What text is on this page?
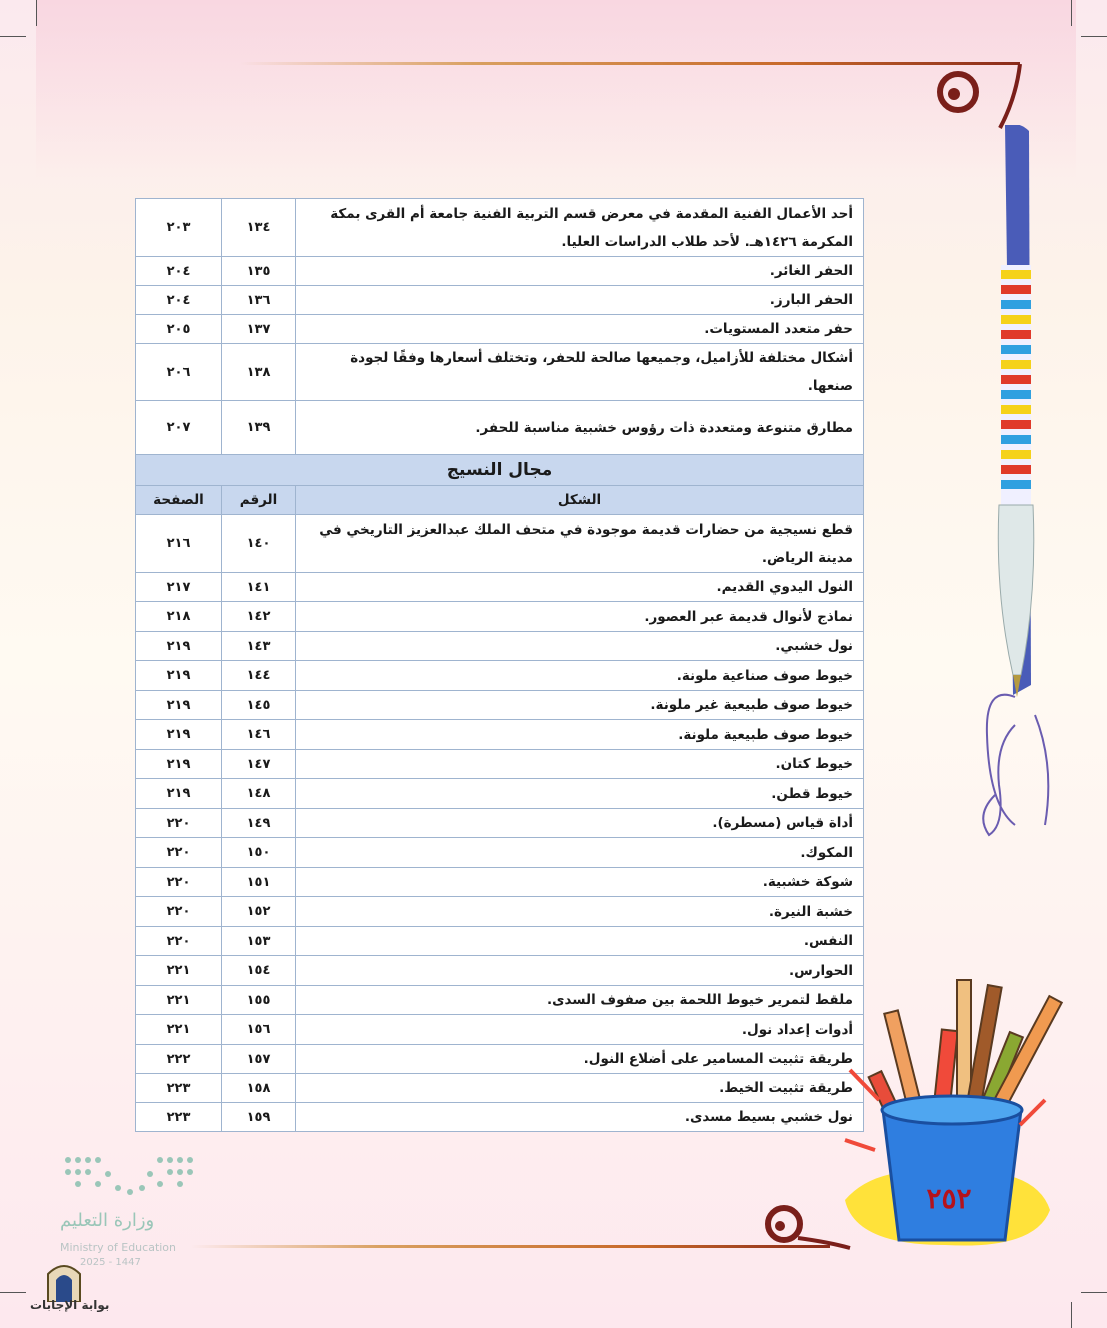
أحد الأعمال الفنية المقدمة في معرض قسم التربية الفنية جامعة أم القرى بمكة المكرمة ١٤٢٦هـ. لأحد طلاب الدراسات العليا.	١٣٤	٢٠٣
الحفر الغائر.	١٣٥	٢٠٤
الحفر البارز.	١٣٦	٢٠٤
حفر متعدد المستويات.	١٣٧	٢٠٥
أشكال مختلفة للأزاميل، وجميعها صالحة للحفر، وتختلف أسعارها وفقًا لجودة صنعها.	١٣٨	٢٠٦
مطارق متنوعة ومتعددة ذات رؤوس خشبية مناسبة للحفر.	١٣٩	٢٠٧
مجال النسيج		
الشكل	الرقم	الصفحة
قطع نسيجية من حضارات قديمة موجودة في متحف الملك عبدالعزيز التاريخي في مدينة الرياض.	١٤٠	٢١٦
النول اليدوي القديم.	١٤١	٢١٧
نماذج لأنوال قديمة عبر العصور.	١٤٢	٢١٨
نول خشبي.	١٤٣	٢١٩
خيوط صوف صناعية ملونة.	١٤٤	٢١٩
خيوط صوف طبيعية غير ملونة.	١٤٥	٢١٩
خيوط صوف طبيعية ملونة.	١٤٦	٢١٩
خيوط كتان.	١٤٧	٢١٩
خيوط قطن.	١٤٨	٢١٩
أداة قياس (مسطرة).	١٤٩	٢٢٠
المكوك.	١٥٠	٢٢٠
شوكة خشبية.	١٥١	٢٢٠
خشبة النيرة.	١٥٢	٢٢٠
النفس.	١٥٣	٢٢٠
الحوارس.	١٥٤	٢٢١
ملقط لتمرير خيوط اللحمة بين صفوف السدى.	١٥٥	٢٢١
أدوات إعداد نول.	١٥٦	٢٢١
طريقة تثبيت المسامير على أضلاع النول.	١٥٧	٢٢٢
طريقة تثبيت الخيط.	١٥٨	٢٢٣
نول خشبي بسيط مسدى.	١٥٩	٢٢٣
٢٥٢
وزارة التعليم
Ministry of Education
2025 - 1447
بوابة الإجابات
